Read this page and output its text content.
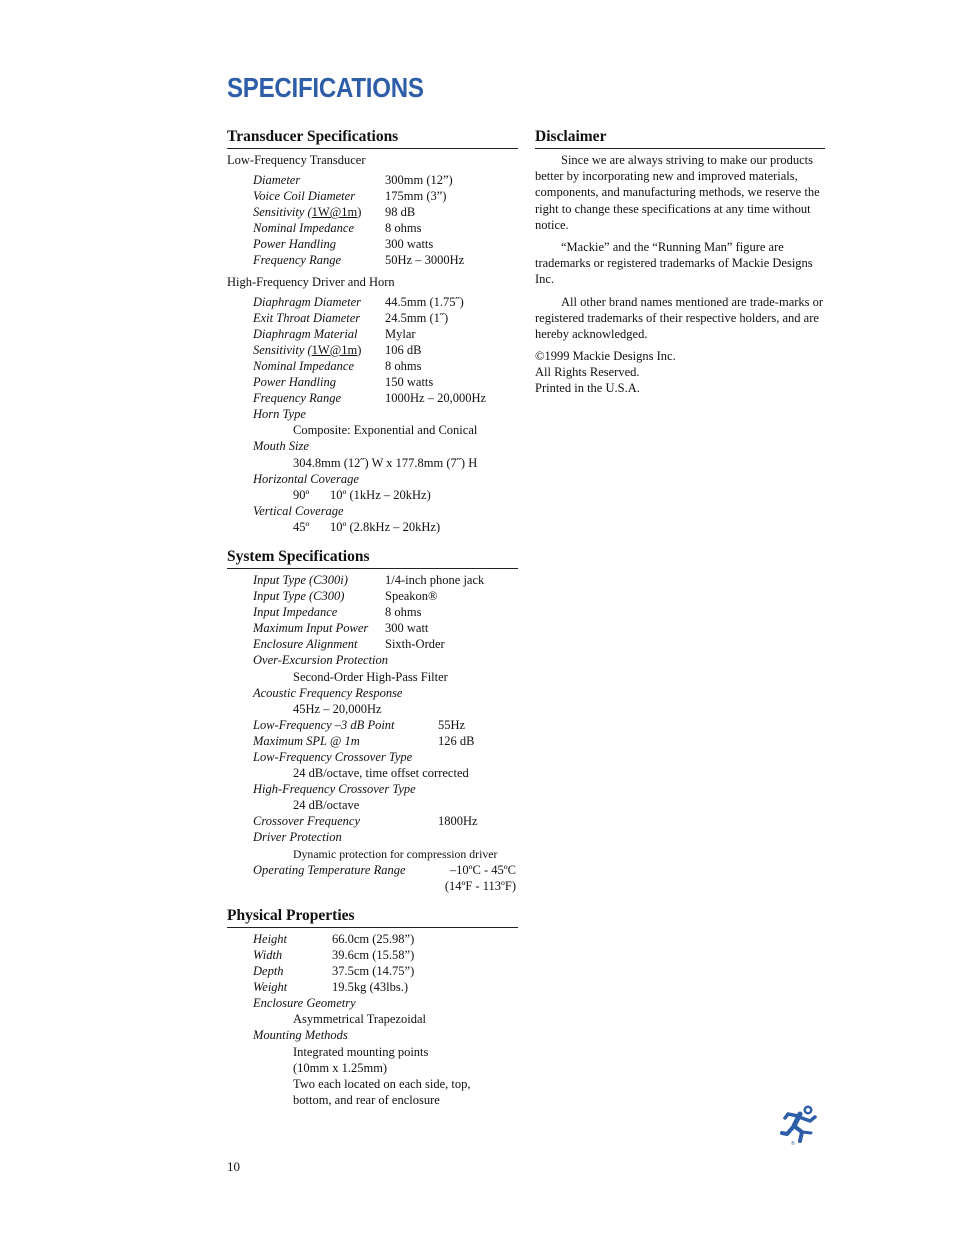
SPECIFICATIONS
Transducer Specifications
Low-Frequency Transducer
Diameter	300mm (12”)
Voice Coil Diameter 175mm (3”)
Sensitivity (1W@1m) 98 dB
Nominal Impedance 8 ohms
Power Handling	300 watts
Frequency Range	50Hz – 3000Hz
High-Frequency Driver and Horn
Diaphragm Diameter 44.5mm (1.75˝)
Exit Throat Diameter 24.5mm (1˝)
Diaphragm Material Mylar
Sensitivity (1W@1m) 106 dB
Nominal Impedance 8 ohms
Power Handling	150 watts
Frequency Range	1000Hz – 20,000Hz
Horn Type
Composite: Exponential and Conical
Mouth Size
304.8mm (12˝) W x 177.8mm (7˝) H
Horizontal Coverage
90º 10º (1kHz – 20kHz)
Vertical Coverage
45º 10º (2.8kHz – 20kHz)
System Specifications
Input Type (C300i)	1/4-inch phone jack
Input Type (C300)	Speakon®
Input Impedance	8 ohms
Maximum Input Power 300 watt
Enclosure Alignment Sixth-Order
Over-Excursion Protection
Second-Order High-Pass Filter
Acoustic Frequency Response
45Hz – 20,000Hz
Low-Frequency –3 dB Point	55Hz
Maximum SPL @ 1m	126 dB
Low-Frequency Crossover Type
24 dB/octave, time offset corrected
High-Frequency Crossover Type
24 dB/octave
Crossover Frequency	1800Hz
Driver Protection
Dynamic protection for compression driver
Operating Temperature Range	–10ºC - 45ºC
(14ºF - 113ºF)
Physical Properties
Height	66.0cm (25.98”)
Width	39.6cm (15.58”)
Depth	37.5cm (14.75”)
Weight	19.5kg (43lbs.)
Enclosure Geometry
Asymmetrical Trapezoidal
Mounting Methods
Integrated mounting points
(10mm x 1.25mm)
Two each located on each side, top,
bottom, and rear of enclosure
Disclaimer

Since we are always striving to make our products better by incorporating new and improved materials, components, and manufacturing methods, we reserve the right to change these specifications at any time without notice.

“Mackie” and the “Running Man” figure are trademarks or registered trademarks of Mackie Designs Inc.

All other brand names mentioned are trade-marks or registered trademarks of their respective holders, and are hereby acknowledged.

©1999 Mackie Designs Inc.
All Rights Reserved.
Printed in the U.S.A.
®
10
